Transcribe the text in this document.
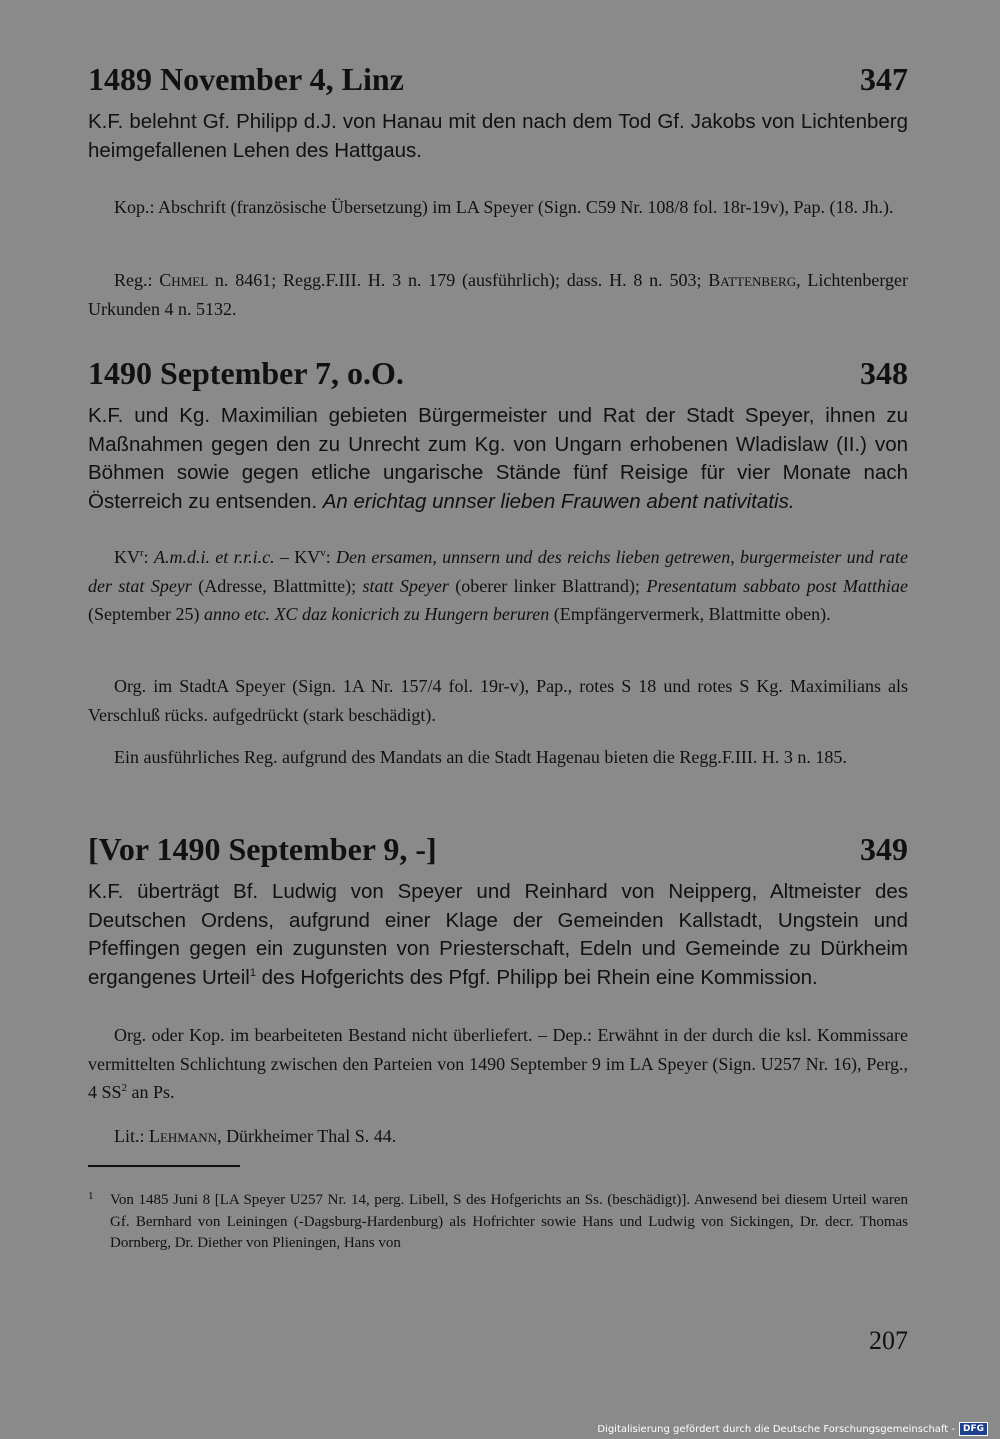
1489 November 4, Linz	347
K.F. belehnt Gf. Philipp d.J. von Hanau mit den nach dem Tod Gf. Jakobs von Lichtenberg heimgefallenen Lehen des Hattgaus.
Kop.: Abschrift (französische Übersetzung) im LA Speyer (Sign. C59 Nr. 108/8 fol. 18r-19v), Pap. (18. Jh.).
Reg.: Chmel n. 8461; Regg.F.III. H. 3 n. 179 (ausführlich); dass. H. 8 n. 503; Battenberg, Lichtenberger Urkunden 4 n. 5132.
1490 September 7, o.O.	348
K.F. und Kg. Maximilian gebieten Bürgermeister und Rat der Stadt Speyer, ihnen zu Maßnahmen gegen den zu Unrecht zum Kg. von Ungarn erhobenen Wladislaw (II.) von Böhmen sowie gegen etliche ungarische Stände fünf Reisige für vier Monate nach Österreich zu entsenden. An erichtag unnser lieben Frauwen abent nativitatis.
$KV^r$: A.m.d.i. et r.r.i.c. – $KV^v$: Den ersamen, unnsern und des reichs lieben getrewen, burgermeister und rate der stat Speyr (Adresse, Blattmitte); statt Speyer (oberer linker Blattrand); Presentatum sabbato post Matthiae (September 25) anno etc. XC daz konicrich zu Hungern beruren (Empfängervermerk, Blattmitte oben).
Org. im StadtA Speyer (Sign. 1A Nr. 157/4 fol. 19r-v), Pap., rotes S 18 und rotes S Kg. Maximilians als Verschluß rücks. aufgedrückt (stark beschädigt).
Ein ausführliches Reg. aufgrund des Mandats an die Stadt Hagenau bieten die Regg.F.III. H. 3 n. 185.
[Vor 1490 September 9, -]	349
K.F. überträgt Bf. Ludwig von Speyer und Reinhard von Neipperg, Altmeister des Deutschen Ordens, aufgrund einer Klage der Gemeinden Kallstadt, Ungstein und Pfeffingen gegen ein zugunsten von Priesterschaft, Edeln und Gemeinde zu Dürkheim ergangenes Urteil$^1$ des Hofgerichts des Pfgf. Philipp bei Rhein eine Kommission.
Org. oder Kop. im bearbeiteten Bestand nicht überliefert. – Dep.: Erwähnt in der durch die ksl. Kommissare vermittelten Schlichtung zwischen den Parteien von 1490 September 9 im LA Speyer (Sign. U257 Nr. 16), Perg., 4 $SS^2$ an Ps.
Lit.: Lehmann, Dürkheimer Thal S. 44.
1 Von 1485 Juni 8 [LA Speyer U257 Nr. 14, perg. Libell, S des Hofgerichts an Ss. (beschädigt)]. Anwesend bei diesem Urteil waren Gf. Bernhard von Leiningen (-Dagsburg-Hardenburg) als Hofrichter sowie Hans und Ludwig von Sickingen, Dr. decr. Thomas Dornberg, Dr. Diether von Plieningen, Hans von
207
Digitalisierung gefördert durch die Deutsche Forschungsgemeinschaft - DFG
